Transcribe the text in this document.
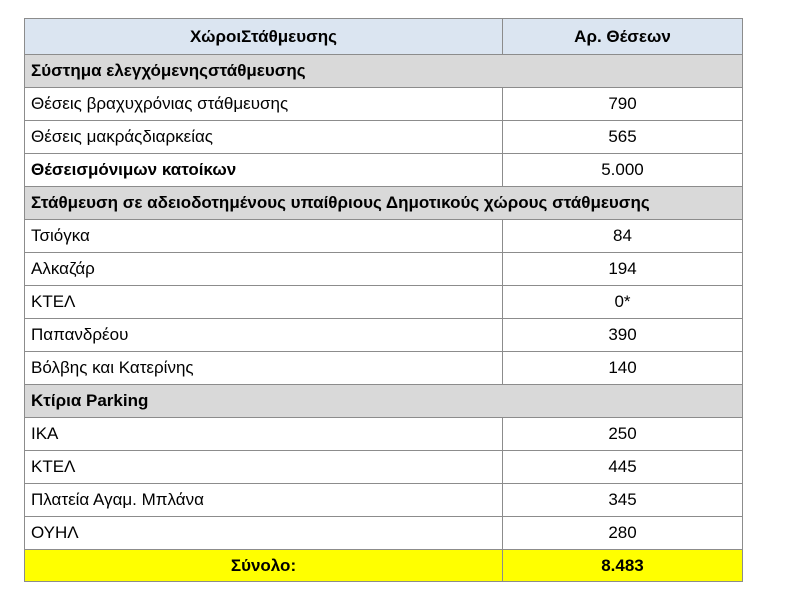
ΧώροιΣτάθμευσης	Αρ. Θέσεων
Σύστημα ελεγχόμενηςστάθμευσης	
Θέσεις βραχυχρόνιας στάθμευσης	790
Θέσεις μακράςδιαρκείας	565
Θέσεισμόνιμων κατοίκων	5.000
Στάθμευση σε αδειοδοτημένους υπαίθριους Δημοτικούς χώρους στάθμευσης	
Τσιόγκα	84
Αλκαζάρ	194
ΚΤΕΛ	0*
Παπανδρέου	390
Βόλβης και Κατερίνης	140
Κτίρια Parking	
ΙΚΑ	250
ΚΤΕΛ	445
Πλατεία Αγαμ. Μπλάνα	345
ΟΥΗΛ	280
Σύνολο:	8.483
